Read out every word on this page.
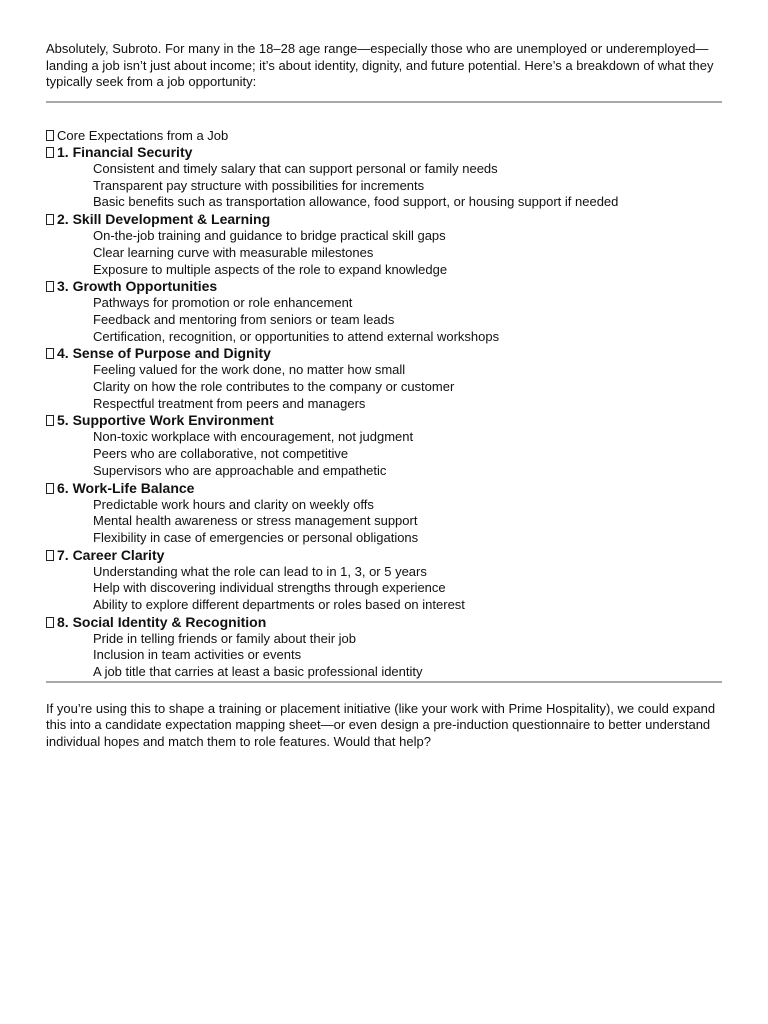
Absolutely, Subroto. For many in the 18–28 age range—especially those who are unemployed or underemployed—landing a job isn’t just about income; it’s about identity, dignity, and future potential. Here’s a breakdown of what they typically seek from a job opportunity:

Core Expectations from a Job

1. Financial Security

Consistent and timely salary that can support personal or family needs
Transparent pay structure with possibilities for increments
Basic benefits such as transportation allowance, food support, or housing support if needed

2. Skill Development & Learning

On-the-job training and guidance to bridge practical skill gaps
Clear learning curve with measurable milestones
Exposure to multiple aspects of the role to expand knowledge

3. Growth Opportunities

Pathways for promotion or role enhancement
Feedback and mentoring from seniors or team leads
Certification, recognition, or opportunities to attend external workshops

4. Sense of Purpose and Dignity

Feeling valued for the work done, no matter how small
Clarity on how the role contributes to the company or customer
Respectful treatment from peers and managers

5. Supportive Work Environment

Non-toxic workplace with encouragement, not judgment
Peers who are collaborative, not competitive
Supervisors who are approachable and empathetic

6. Work-Life Balance

Predictable work hours and clarity on weekly offs
Mental health awareness or stress management support
Flexibility in case of emergencies or personal obligations

7. Career Clarity

Understanding what the role can lead to in 1, 3, or 5 years
Help with discovering individual strengths through experience
Ability to explore different departments or roles based on interest

8. Social Identity & Recognition

Pride in telling friends or family about their job
Inclusion in team activities or events
A job title that carries at least a basic professional identity

If you’re using this to shape a training or placement initiative (like your work with Prime Hospitality), we could expand this into a candidate expectation mapping sheet—or even design a pre-induction questionnaire to better understand individual hopes and match them to role features. Would that help?
